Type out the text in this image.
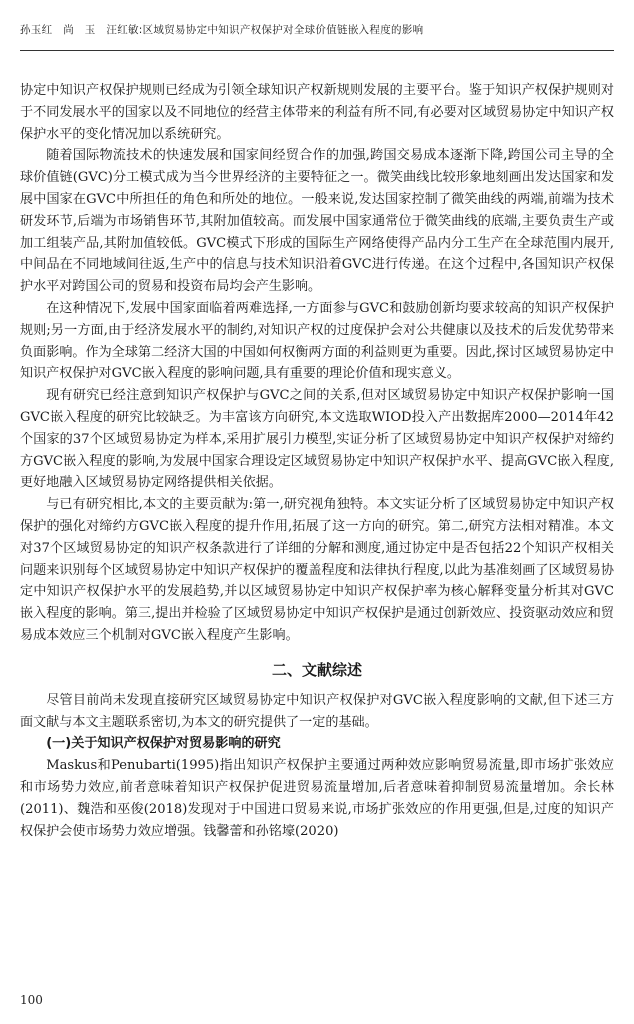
孙玉红　尚　玉　汪红敏:区域贸易协定中知识产权保护对全球价值链嵌入程度的影响

协定中知识产权保护规则已经成为引领全球知识产权新规则发展的主要平台。鉴于知识产权保护规则对于不同发展水平的国家以及不同地位的经营主体带来的利益有所不同,有必要对区域贸易协定中知识产权保护水平的变化情况加以系统研究。

随着国际物流技术的快速发展和国家间经贸合作的加强,跨国交易成本逐渐下降,跨国公司主导的全球价值链(GVC)分工模式成为当今世界经济的主要特征之一。微笑曲线比较形象地刻画出发达国家和发展中国家在GVC中所担任的角色和所处的地位。一般来说,发达国家控制了微笑曲线的两端,前端为技术研发环节,后端为市场销售环节,其附加值较高。而发展中国家通常位于微笑曲线的底端,主要负责生产或加工组装产品,其附加值较低。GVC模式下形成的国际生产网络使得产品内分工生产在全球范围内展开,中间品在不同地域间往返,生产中的信息与技术知识沿着GVC进行传递。在这个过程中,各国知识产权保护水平对跨国公司的贸易和投资布局均会产生影响。

在这种情况下,发展中国家面临着两难选择,一方面参与GVC和鼓励创新均要求较高的知识产权保护规则;另一方面,由于经济发展水平的制约,对知识产权的过度保护会对公共健康以及技术的后发优势带来负面影响。作为全球第二经济大国的中国如何权衡两方面的利益则更为重要。因此,探讨区域贸易协定中知识产权保护对GVC嵌入程度的影响问题,具有重要的理论价值和现实意义。

现有研究已经注意到知识产权保护与GVC之间的关系,但对区域贸易协定中知识产权保护影响一国GVC嵌入程度的研究比较缺乏。为丰富该方向研究,本文选取WIOD投入产出数据库2000—2014年42个国家的37个区域贸易协定为样本,采用扩展引力模型,实证分析了区域贸易协定中知识产权保护对缔约方GVC嵌入程度的影响,为发展中国家合理设定区域贸易协定中知识产权保护水平、提高GVC嵌入程度,更好地融入区域贸易协定网络提供相关依据。

与已有研究相比,本文的主要贡献为:第一,研究视角独特。本文实证分析了区域贸易协定中知识产权保护的强化对缔约方GVC嵌入程度的提升作用,拓展了这一方向的研究。第二,研究方法相对精准。本文对37个区域贸易协定的知识产权条款进行了详细的分解和测度,通过协定中是否包括22个知识产权相关问题来识别每个区域贸易协定中知识产权保护的覆盖程度和法律执行程度,以此为基准刻画了区域贸易协定中知识产权保护水平的发展趋势,并以区域贸易协定中知识产权保护率为核心解释变量分析其对GVC嵌入程度的影响。第三,提出并检验了区域贸易协定中知识产权保护是通过创新效应、投资驱动效应和贸易成本效应三个机制对GVC嵌入程度产生影响。

二、文献综述

尽管目前尚未发现直接研究区域贸易协定中知识产权保护对GVC嵌入程度影响的文献,但下述三方面文献与本文主题联系密切,为本文的研究提供了一定的基础。

(一)关于知识产权保护对贸易影响的研究

Maskus和Penubarti(1995)指出知识产权保护主要通过两种效应影响贸易流量,即市场扩张效应和市场势力效应,前者意味着知识产权保护促进贸易流量增加,后者意味着抑制贸易流量增加。余长林(2011)、魏浩和巫俊(2018)发现对于中国进口贸易来说,市场扩张效应的作用更强,但是,过度的知识产权保护会使市场势力效应增强。钱馨蕾和孙铭壕(2020)

100
